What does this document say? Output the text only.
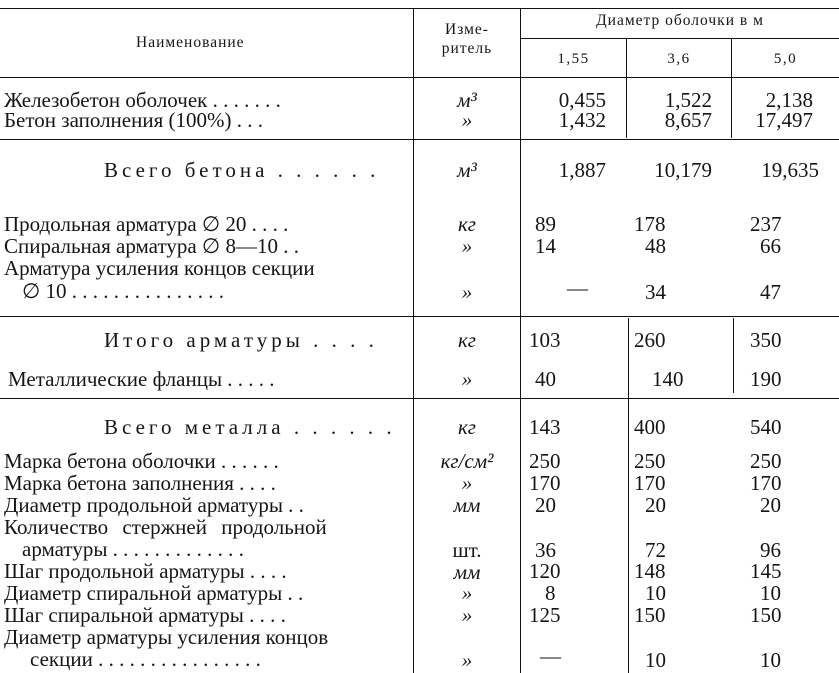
Наименование
Изме-
ритель
Диаметр оболочки в м
1,55	3,6	5,0
Железобетон оболочек . . . . . . .	м³	0,455	1,522	2,138
Бетон заполнения (100%) . . .	»	1,432	8,657	17,497
Всего бетона . . . . . .	м³	1,887	10,179	19,635
Продольная арматура ∅ 20 . . . .	кг	89	178	237
Спиральная арматура ∅ 8—10 . .	»	14	48	66
Арматура усиления концов секции
∅ 10 . . . . . . . . . . . . . . .	»	—	34	47
Итого арматуры . . . .	кг	103	260	350
Металлические фланцы . . . . .	»	40	140	190
Всего металла . . . . . .	кг	143	400	540
Марка бетона оболочки . . . . . .	кг/см²	250	250	250
Марка бетона заполнения . . . .	»	170	170	170
Диаметр продольной арматуры . .	мм	20	20	20
Количество стержней продольной
арматуры . . . . . . . . . . . . .	шт.	36	72	96
Шаг продольной арматуры . . . .	мм	120	148	145
Диаметр спиральной арматуры . .	»	8	10	10
Шаг спиральной арматуры . . . .	»	125	150	150
Диаметр арматуры усиления концов
секции . . . . . . . . . . . . . . . .	»	—	10	10
